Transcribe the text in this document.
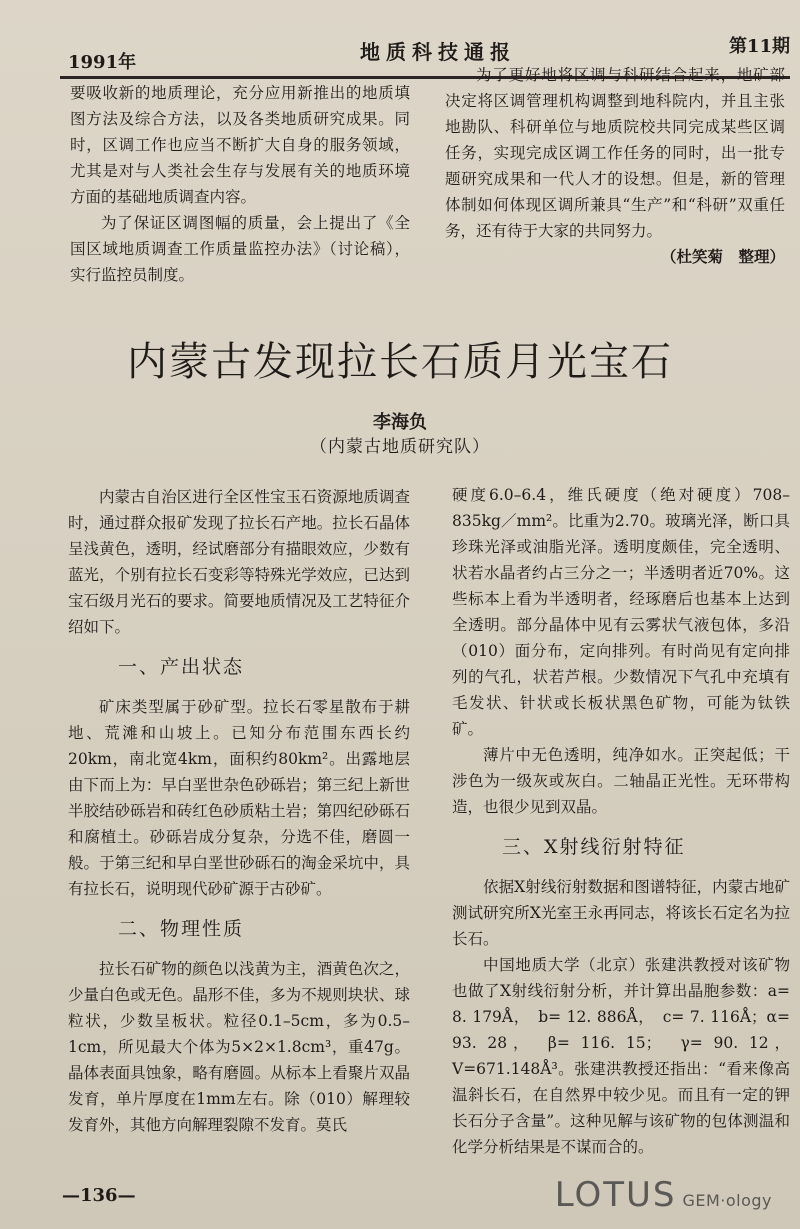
1991年	地质科技通报	第11期

要吸收新的地质理论，充分应用新推出的地质填图方法及综合方法，以及各类地质研究成果。同时，区调工作也应当不断扩大自身的服务领域，尤其是对与人类社会生存与发展有关的地质环境方面的基础地质调查内容。

为了保证区调图幅的质量，会上提出了《全国区域地质调查工作质量监控办法》（讨论稿），实行监控员制度。

为了更好地将区调与科研结合起来，地矿部决定将区调管理机构调整到地科院内，并且主张地勘队、科研单位与地质院校共同完成某些区调任务，实现完成区调工作任务的同时，出一批专题研究成果和一代人才的设想。但是，新的管理体制如何体现区调所兼具“生产”和“科研”双重任务，还有待于大家的共同努力。

（杜笑菊　整理）

内蒙古发现拉长石质月光宝石
李海负
（内蒙古地质研究队）

内蒙古自治区进行全区性宝玉石资源地质调查时，通过群众报矿发现了拉长石产地。拉长石晶体呈浅黄色，透明，经试磨部分有描眼效应，少数有蓝光，个别有拉长石变彩等特殊光学效应，已达到宝石级月光石的要求。简要地质情况及工艺特征介绍如下。

一、产出状态

矿床类型属于砂矿型。拉长石零星散布于耕地、荒滩和山坡上。已知分布范围东西长约20km，南北宽4km，面积约80km²。出露地层由下而上为：早白垩世杂色砂砾岩；第三纪上新世半胶结砂砾岩和砖红色砂质粘土岩；第四纪砂砾石和腐植土。砂砾岩成分复杂，分选不佳，磨圆一般。于第三纪和早白垩世砂砾石的淘金采坑中，具有拉长石，说明现代砂矿源于古砂矿。

二、物理性质

拉长石矿物的颜色以浅黄为主，酒黄色次之，少量白色或无色。晶形不佳，多为不规则块状、球粒状，少数呈板状。粒径0.1–5cm，多为0.5–1cm，所见最大个体为5×2×1.8cm³，重47g。晶体表面具蚀象，略有磨圆。从标本上看聚片双晶发育，单片厚度在1mm左右。除（010）解理较发育外，其他方向解理裂隙不发育。莫氏

硬度6.0–6.4，维氏硬度（绝对硬度）708–835kg／mm²。比重为2.70。玻璃光泽，断口具珍珠光泽或油脂光泽。透明度颇佳，完全透明、状若水晶者约占三分之一；半透明者近70%。这些标本上看为半透明者，经琢磨后也基本上达到全透明。部分晶体中见有云雾状气液包体，多沿（010）面分布，定向排列。有时尚见有定向排列的气孔，状若芦根。少数情况下气孔中充填有毛发状、针状或长板状黑色矿物，可能为钛铁矿。

薄片中无色透明，纯净如水。正突起低；干涉色为一级灰或灰白。二轴晶正光性。无环带构造，也很少见到双晶。

三、X射线衍射特征

依据X射线衍射数据和图谱特征，内蒙古地矿测试研究所X光室王永再同志，将该长石定名为拉长石。

中国地质大学（北京）张建洪教授对该矿物也做了X射线衍射分析，并计算出晶胞参数：a= 8. 179Å，　b= 12. 886Å，　c= 7. 116Å；α= 93. 28，　β= 116. 15；　γ= 90. 12，V=671.148Å³。张建洪教授还指出：“看来像高温斜长石，在自然界中较少见。而且有一定的钾长石分子含量”。这种见解与该矿物的包体测温和化学分析结果是不谋而合的。

—136—	LOTUS GEM·ology
